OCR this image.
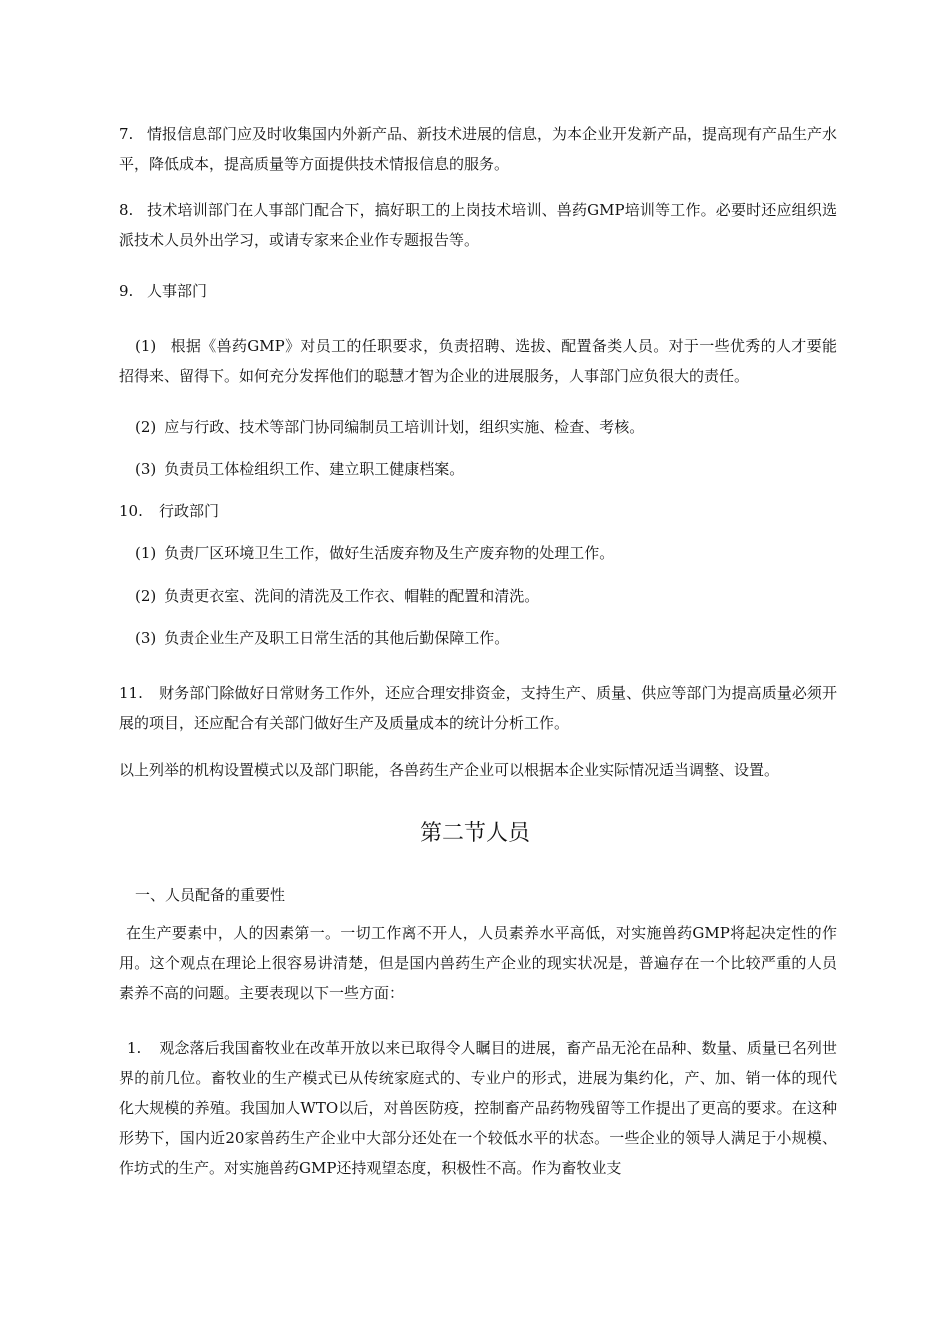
7. 情报信息部门应及时收集国内外新产品、新技术进展的信息，为本企业开发新产品，提高现有产品生产水平，降低成本，提高质量等方面提供技术情报信息的服务。

8. 技术培训部门在人事部门配合下，搞好职工的上岗技术培训、兽药GMP培训等工作。必要时还应组织选派技术人员外出学习，或请专家来企业作专题报告等。

9. 人事部门

(1) 根据《兽药GMP》对员工的任职要求，负责招聘、选拔、配置备类人员。对于一些优秀的人才要能招得来、留得下。如何充分发挥他们的聪慧才智为企业的进展服务，人事部门应负很大的责任。

(2) 应与行政、技术等部门协同编制员工培训计划，组织实施、检查、考核。

(3) 负责员工体检组织工作、建立职工健康档案。

10. 行政部门

(1) 负责厂区环境卫生工作，做好生活废弃物及生产废弃物的处理工作。

(2) 负责更衣室、洗间的清洗及工作衣、帽鞋的配置和清洗。

(3) 负责企业生产及职工日常生活的其他后勤保障工作。

11. 财务部门除做好日常财务工作外，还应合理安排资金，支持生产、质量、供应等部门为提高质量必须开展的项目，还应配合有关部门做好生产及质量成本的统计分析工作。

以上列举的机构设置模式以及部门职能，各兽药生产企业可以根据本企业实际情况适当调整、设置。

第二节人员

一、人员配备的重要性

在生产要素中，人的因素第一。一切工作离不开人，人员素养水平高低，对实施兽药GMP将起决定性的作用。这个观点在理论上很容易讲清楚，但是国内兽药生产企业的现实状况是，普遍存在一个比较严重的人员素养不高的问题。主要表现以下一些方面：

1. 观念落后我国畜牧业在改革开放以来已取得令人瞩目的进展，畜产品无沦在品种、数量、质量已名列世界的前几位。畜牧业的生产模式已从传统家庭式的、专业户的形式，进展为集约化，产、加、销一体的现代化大规模的养殖。我国加人WTO以后，对兽医防疫，控制畜产品药物残留等工作提出了更高的要求。在这种形势下，国内近20家兽药生产企业中大部分还处在一个较低水平的状态。一些企业的领导人满足于小规模、作坊式的生产。对实施兽药GMP还持观望态度，积极性不高。作为畜牧业支
